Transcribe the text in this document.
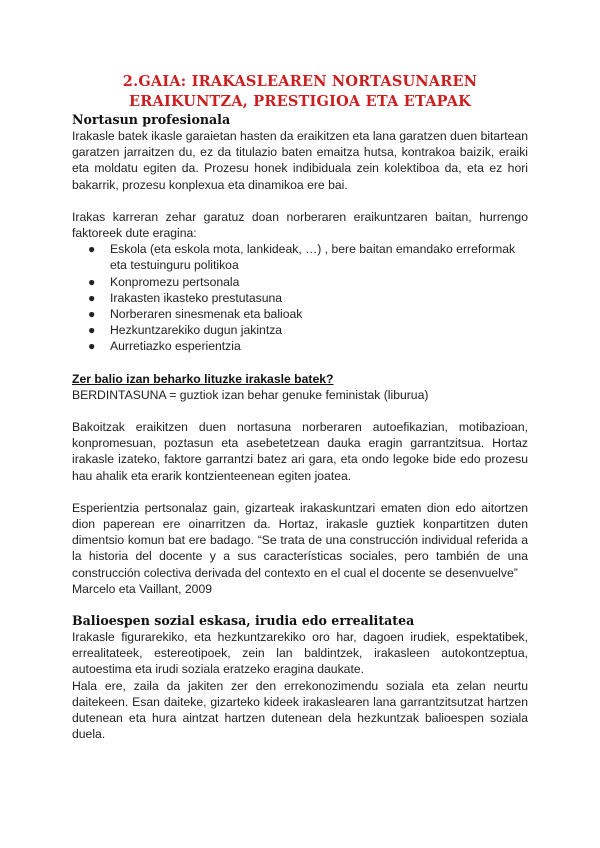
2.GAIA: IRAKASLEAREN NORTASUNAREN ERAIKUNTZA, PRESTIGIOA ETA ETAPAK
Nortasun profesionala

Irakasle batek ikasle garaietan hasten da eraikitzen eta lana garatzen duen bitartean garatzen jarraitzen du, ez da titulazio baten emaitza hutsa, kontrakoa baizik, eraiki eta moldatu egiten da. Prozesu honek indibiduala zein kolektiboa da, eta ez hori bakarrik, prozesu konplexua eta dinamikoa ere bai.

Irakas karreran zehar garatuz doan norberaren eraikuntzaren baitan, hurrengo faktoreek dute eragina:

● Eskola (eta eskola mota, lankideak, …) , bere baitan emandako erreformak eta testuinguru politikoa
● Konpromezu pertsonala
● Irakasten ikasteko prestutasuna
● Norberaren sinesmenak eta balioak
● Hezkuntzarekiko dugun jakintza
● Aurretiazko esperientzia

Zer balio izan beharko lituzke irakasle batek?

BERDINTASUNA = guztiok izan behar genuke feministak (liburua)

Bakoitzak eraikitzen duen nortasuna norberaren autoefikazian, motibazioan, konpromesuan, poztasun eta asebetetzean dauka eragin garrantzitsua. Hortaz irakasle izateko, faktore garrantzi batez ari gara, eta ondo legoke bide edo prozesu hau ahalik eta erarik kontzienteenean egiten joatea.

Esperientzia pertsonalaz gain, gizarteak irakaskuntzari ematen dion edo aitortzen dion paperean ere oinarritzen da. Hortaz, irakasle guztiek konpartitzen duten dimentsio komun bat ere badago. “Se trata de una construcción individual referida a la historia del docente y a sus características sociales, pero también de una construcción colectiva derivada del contexto en el cual el docente se desenvuelve”

Marcelo eta Vaillant, 2009

Balioespen sozial eskasa, irudia edo errealitatea

Irakasle figurarekiko, eta hezkuntzarekiko oro har, dagoen irudiek, espektatibek, errealitateek, estereotipoek, zein lan baldintzek, irakasleen autokontzeptua, autoestima eta irudi soziala eratzeko eragina daukate.

Hala ere, zaila da jakiten zer den errekonozimendu soziala eta zelan neurtu daitekeen. Esan daiteke, gizarteko kideek irakaslearen lana garrantzitsutzat hartzen dutenean eta hura aintzat hartzen dutenean dela hezkuntzak balioespen soziala duela.
